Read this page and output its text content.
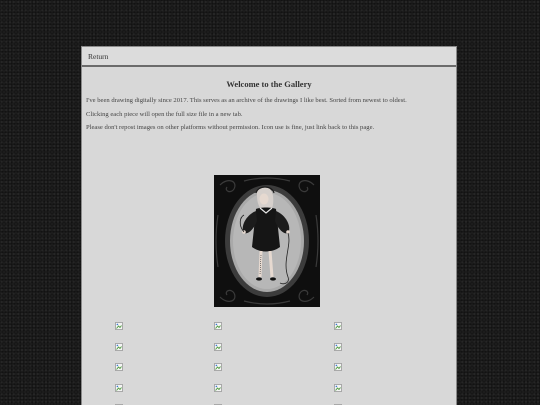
Return
Welcome to the Gallery

I've been drawing digitally since 2017. This serves as an archive of the drawings I like best. Sorted from newest to oldest.

Clicking each piece will open the full size file in a new tab.

Please don't repost images on other platforms without permission. Icon use is fine, just link back to this page.
